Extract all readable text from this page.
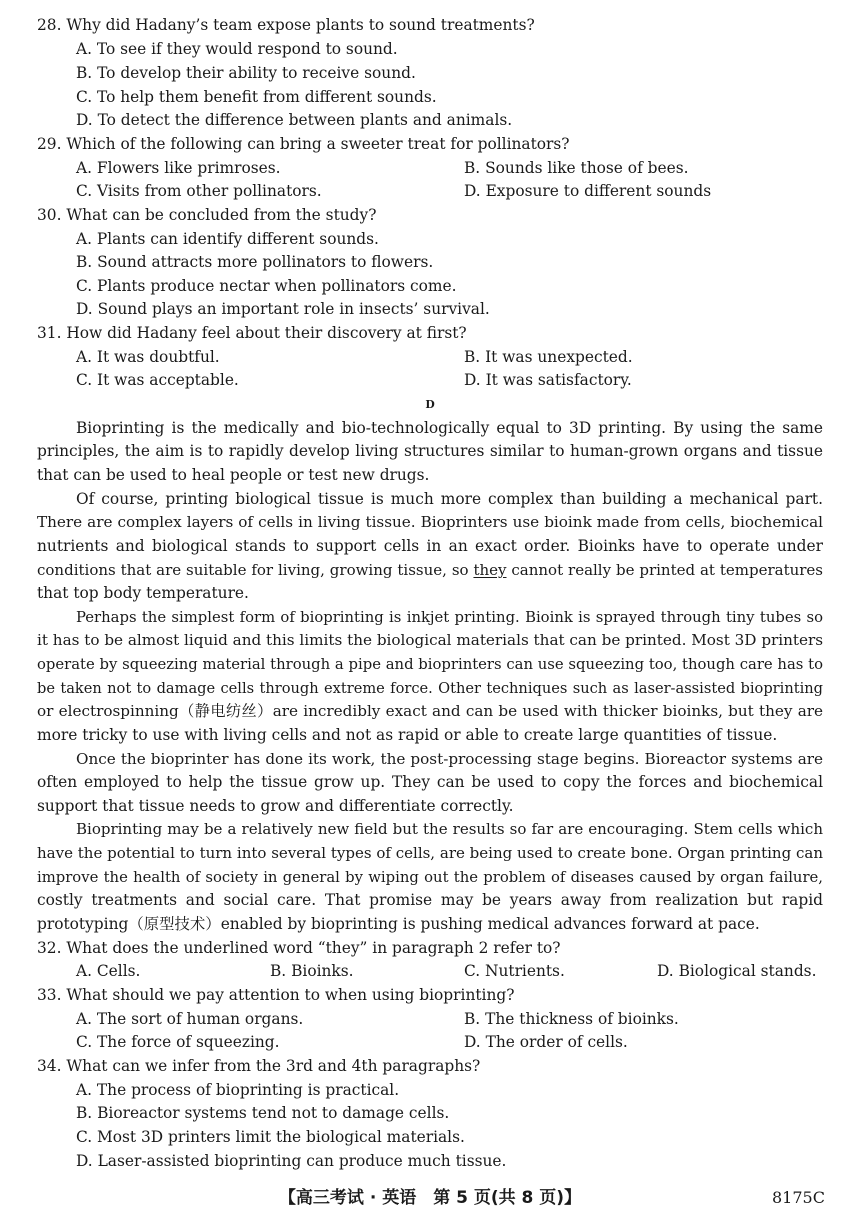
28. Why did Hadany’s team expose plants to sound treatments?
A. To see if they would respond to sound.
B. To develop their ability to receive sound.
C. To help them benefit from different sounds.
D. To detect the difference between plants and animals.
29. Which of the following can bring a sweeter treat for pollinators?
A. Flowers like primroses.	B. Sounds like those of bees.
C. Visits from other pollinators.	D. Exposure to different sounds
30. What can be concluded from the study?
A. Plants can identify different sounds.
B. Sound attracts more pollinators to flowers.
C. Plants produce nectar when pollinators come.
D. Sound plays an important role in insects’ survival.
31. How did Hadany feel about their discovery at first?
A. It was doubtful.	B. It was unexpected.
C. It was acceptable.	D. It was satisfactory.
D
Bioprinting is the medically and bio-technologically equal to 3D printing. By using the same
principles, the aim is to rapidly develop living structures similar to human-grown organs and tissue
that can be used to heal people or test new drugs.
Of course, printing biological tissue is much more complex than building a mechanical part.
There are complex layers of cells in living tissue. Bioprinters use bioink made from cells, biochemical
nutrients and biological stands to support cells in an exact order. Bioinks have to operate under
conditions that are suitable for living, growing tissue, so they cannot really be printed at temperatures
that top body temperature.
Perhaps the simplest form of bioprinting is inkjet printing. Bioink is sprayed through tiny tubes so
it has to be almost liquid and this limits the biological materials that can be printed. Most 3D printers
operate by squeezing material through a pipe and bioprinters can use squeezing too, though care has to
be taken not to damage cells through extreme force. Other techniques such as laser-assisted bioprinting
or electrospinning（静电纺丝）are incredibly exact and can be used with thicker bioinks, but they are
more tricky to use with living cells and not as rapid or able to create large quantities of tissue.
Once the bioprinter has done its work, the post-processing stage begins. Bioreactor systems are
often employed to help the tissue grow up. They can be used to copy the forces and biochemical
support that tissue needs to grow and differentiate correctly.
Bioprinting may be a relatively new field but the results so far are encouraging. Stem cells which
have the potential to turn into several types of cells, are being used to create bone. Organ printing can
improve the health of society in general by wiping out the problem of diseases caused by organ failure,
costly treatments and social care. That promise may be years away from realization but rapid
prototyping（原型技术）enabled by bioprinting is pushing medical advances forward at pace.
32. What does the underlined word “they” in paragraph 2 refer to?
A. Cells.	B. Bioinks.	C. Nutrients.	D. Biological stands.
33. What should we pay attention to when using bioprinting?
A. The sort of human organs.	B. The thickness of bioinks.
C. The force of squeezing.	D. The order of cells.
34. What can we infer from the 3rd and 4th paragraphs?
A. The process of bioprinting is practical.
B. Bioreactor systems tend not to damage cells.
C. Most 3D printers limit the biological materials.
D. Laser-assisted bioprinting can produce much tissue.
【高三考试 · 英语　第 5 页(共 8 页)】	8175C
